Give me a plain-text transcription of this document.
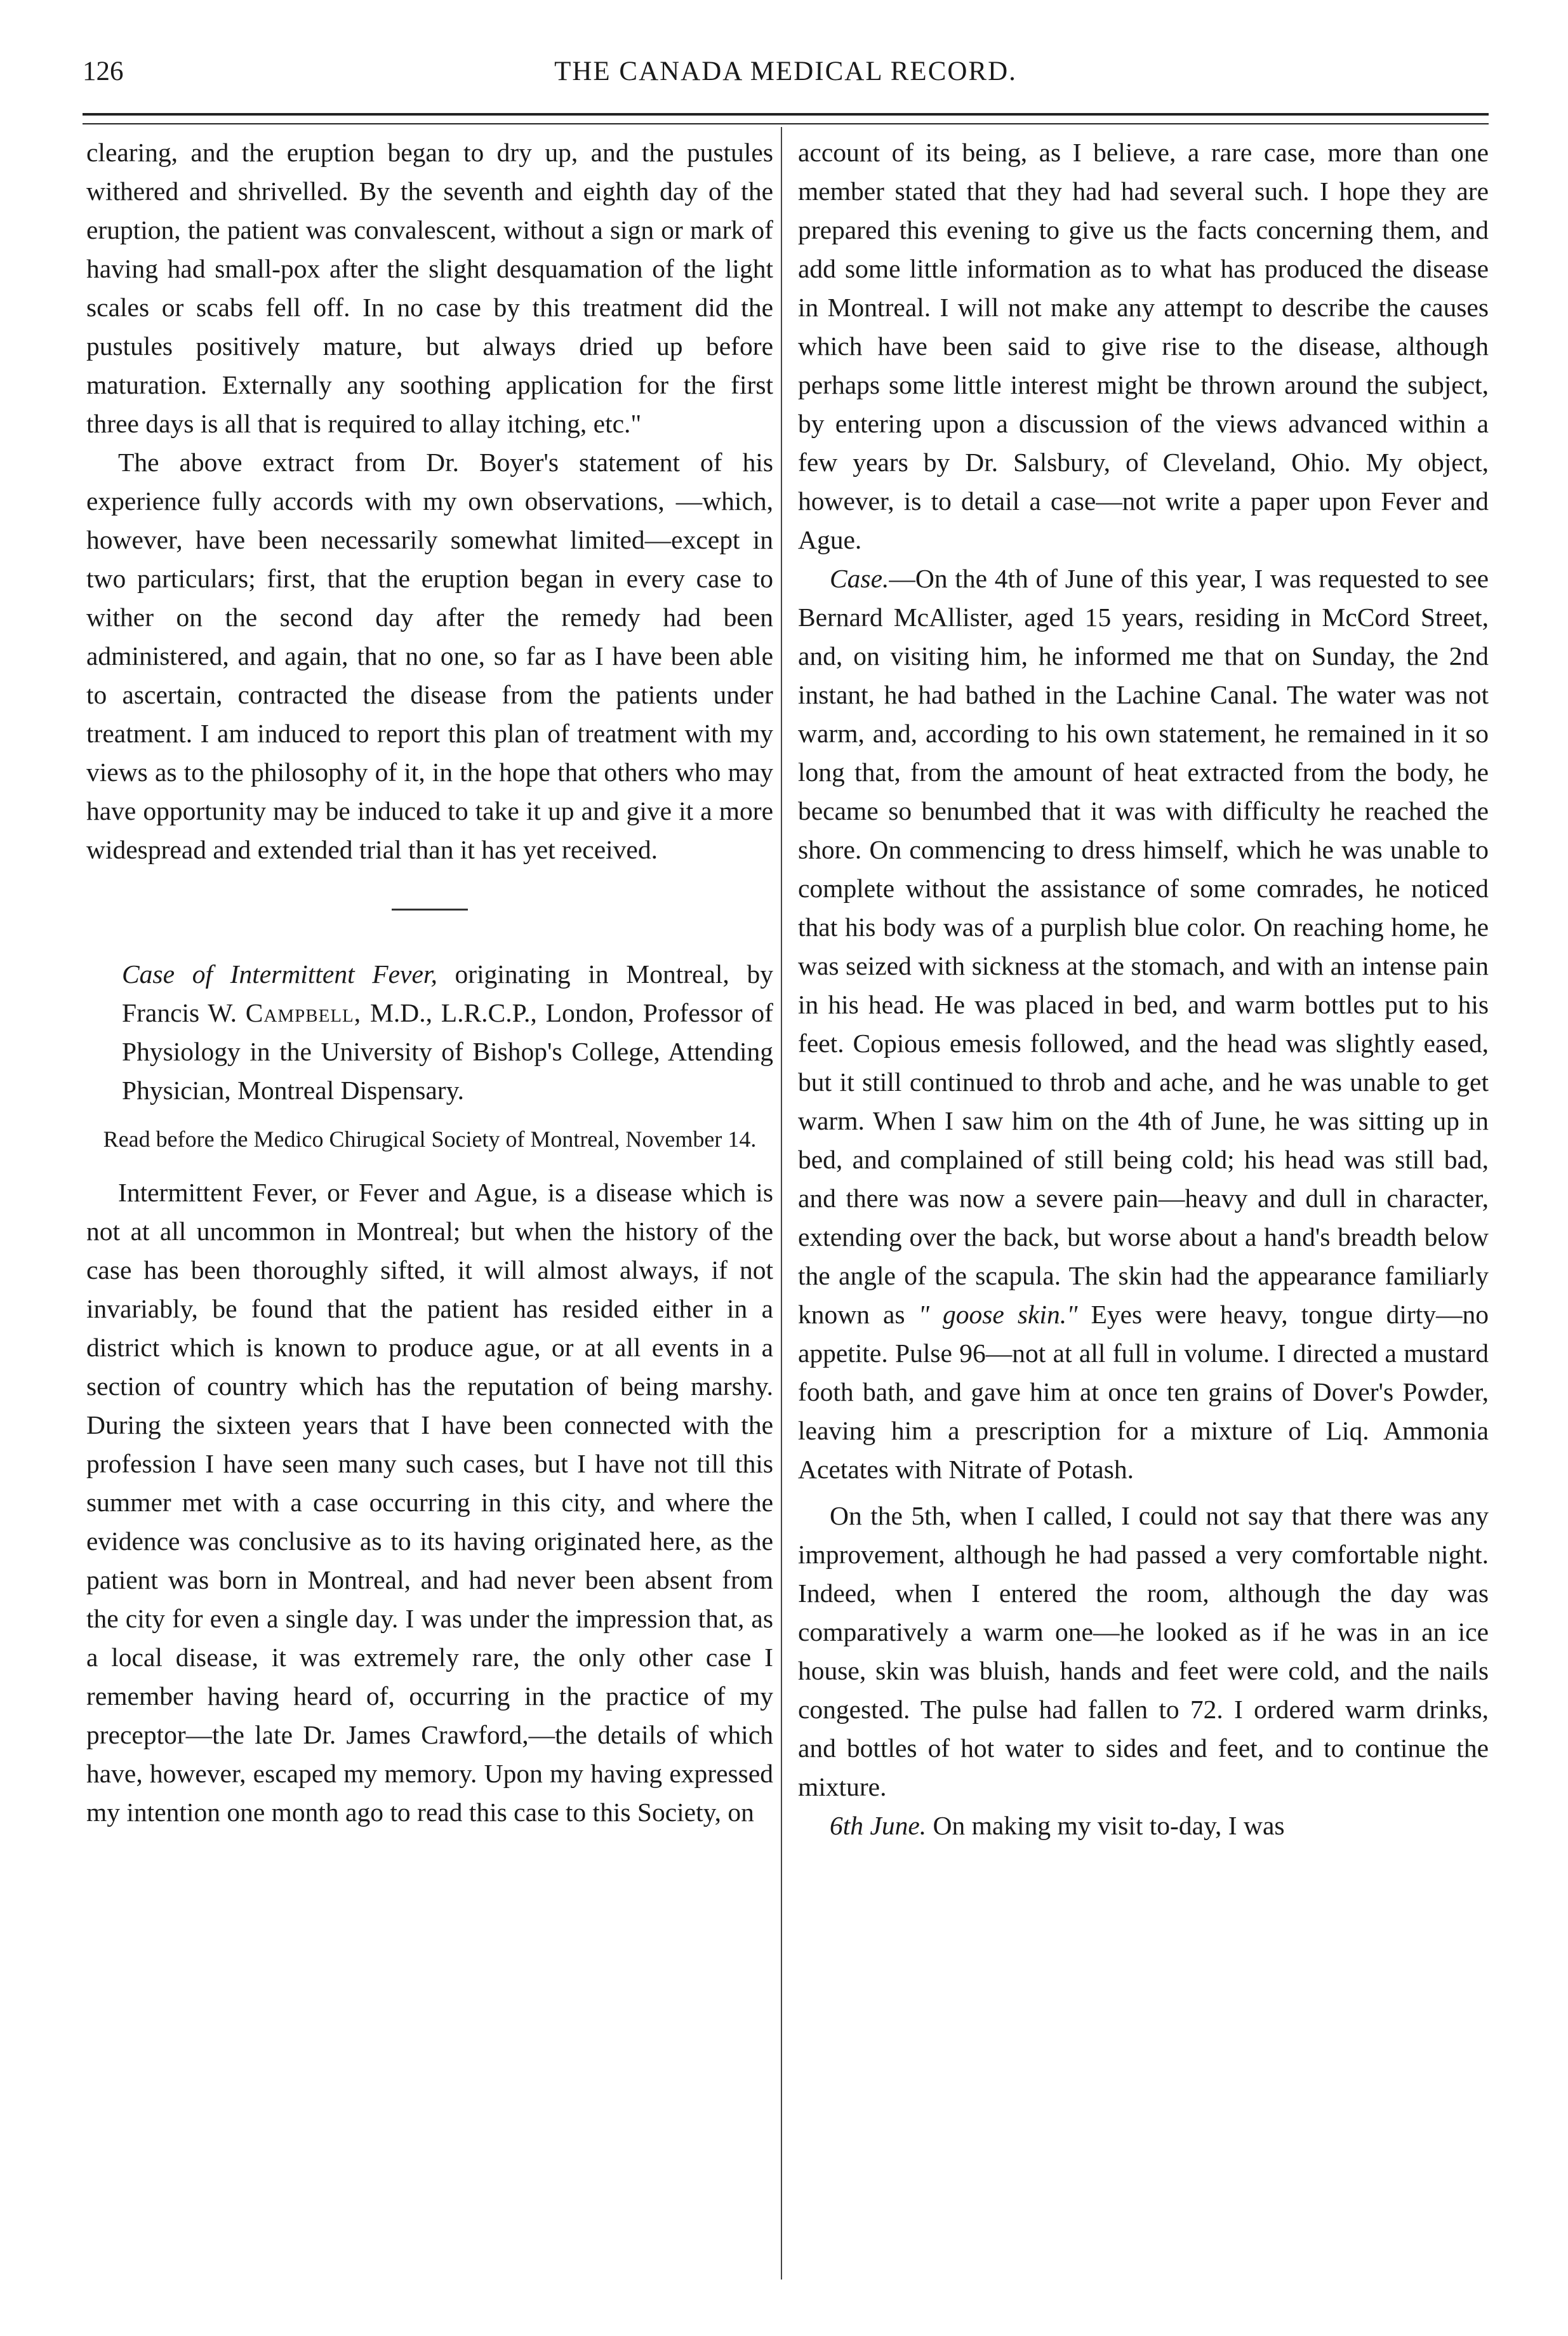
126	THE CANADA MEDICAL RECORD.

clearing, and the eruption began to dry up, and the pustules withered and shrivelled. By the seventh and eighth day of the eruption, the patient was convalescent, without a sign or mark of having had small-pox after the slight desquamation of the light scales or scabs fell off. In no case by this treatment did the pustules positively mature, but always dried up before maturation. Externally any soothing application for the first three days is all that is required to allay itching, etc."

The above extract from Dr. Boyer's statement of his experience fully accords with my own observations, —which, however, have been necessarily somewhat limited—except in two particulars; first, that the eruption began in every case to wither on the second day after the remedy had been administered, and again, that no one, so far as I have been able to ascertain, contracted the disease from the patients under treatment. I am induced to report this plan of treatment with my views as to the philosophy of it, in the hope that others who may have opportunity may be induced to take it up and give it a more widespread and extended trial than it has yet received.

Case of Intermittent Fever, originating in Montreal, by Francis W. Campbell, M.D., L.R.C.P., London, Professor of Physiology in the University of Bishop's College, Attending Physician, Montreal Dispensary.

Read before the Medico Chirugical Society of Montreal, November 14.

Intermittent Fever, or Fever and Ague, is a disease which is not at all uncommon in Montreal; but when the history of the case has been thoroughly sifted, it will almost always, if not invariably, be found that the patient has resided either in a district which is known to produce ague, or at all events in a section of country which has the reputation of being marshy. During the sixteen years that I have been connected with the profession I have seen many such cases, but I have not till this summer met with a case occurring in this city, and where the evidence was conclusive as to its having originated here, as the patient was born in Montreal, and had never been absent from the city for even a single day. I was under the impression that, as a local disease, it was extremely rare, the only other case I remember having heard of, occurring in the practice of my preceptor—the late Dr. James Crawford,—the details of which have, however, escaped my memory. Upon my having expressed my intention one month ago to read this case to this Society, on

account of its being, as I believe, a rare case, more than one member stated that they had had several such. I hope they are prepared this evening to give us the facts concerning them, and add some little information as to what has produced the disease in Montreal. I will not make any attempt to describe the causes which have been said to give rise to the disease, although perhaps some little interest might be thrown around the subject, by entering upon a discussion of the views advanced within a few years by Dr. Salsbury, of Cleveland, Ohio. My object, however, is to detail a case—not write a paper upon Fever and Ague.

Case.—On the 4th of June of this year, I was requested to see Bernard McAllister, aged 15 years, residing in McCord Street, and, on visiting him, he informed me that on Sunday, the 2nd instant, he had bathed in the Lachine Canal. The water was not warm, and, according to his own statement, he remained in it so long that, from the amount of heat extracted from the body, he became so benumbed that it was with difficulty he reached the shore. On commencing to dress himself, which he was unable to complete without the assistance of some comrades, he noticed that his body was of a purplish blue color. On reaching home, he was seized with sickness at the stomach, and with an intense pain in his head. He was placed in bed, and warm bottles put to his feet. Copious emesis followed, and the head was slightly eased, but it still continued to throb and ache, and he was unable to get warm. When I saw him on the 4th of June, he was sitting up in bed, and complained of still being cold; his head was still bad, and there was now a severe pain—heavy and dull in character, extending over the back, but worse about a hand's breadth below the angle of the scapula. The skin had the appearance familiarly known as " goose skin." Eyes were heavy, tongue dirty—no appetite. Pulse 96—not at all full in volume. I directed a mustard footh bath, and gave him at once ten grains of Dover's Powder, leaving him a prescription for a mixture of Liq. Ammonia Acetates with Nitrate of Potash.

On the 5th, when I called, I could not say that there was any improvement, although he had passed a very comfortable night. Indeed, when I entered the room, although the day was comparatively a warm one—he looked as if he was in an ice house, skin was bluish, hands and feet were cold, and the nails congested. The pulse had fallen to 72. I ordered warm drinks, and bottles of hot water to sides and feet, and to continue the mixture.

6th June. On making my visit to-day, I was
